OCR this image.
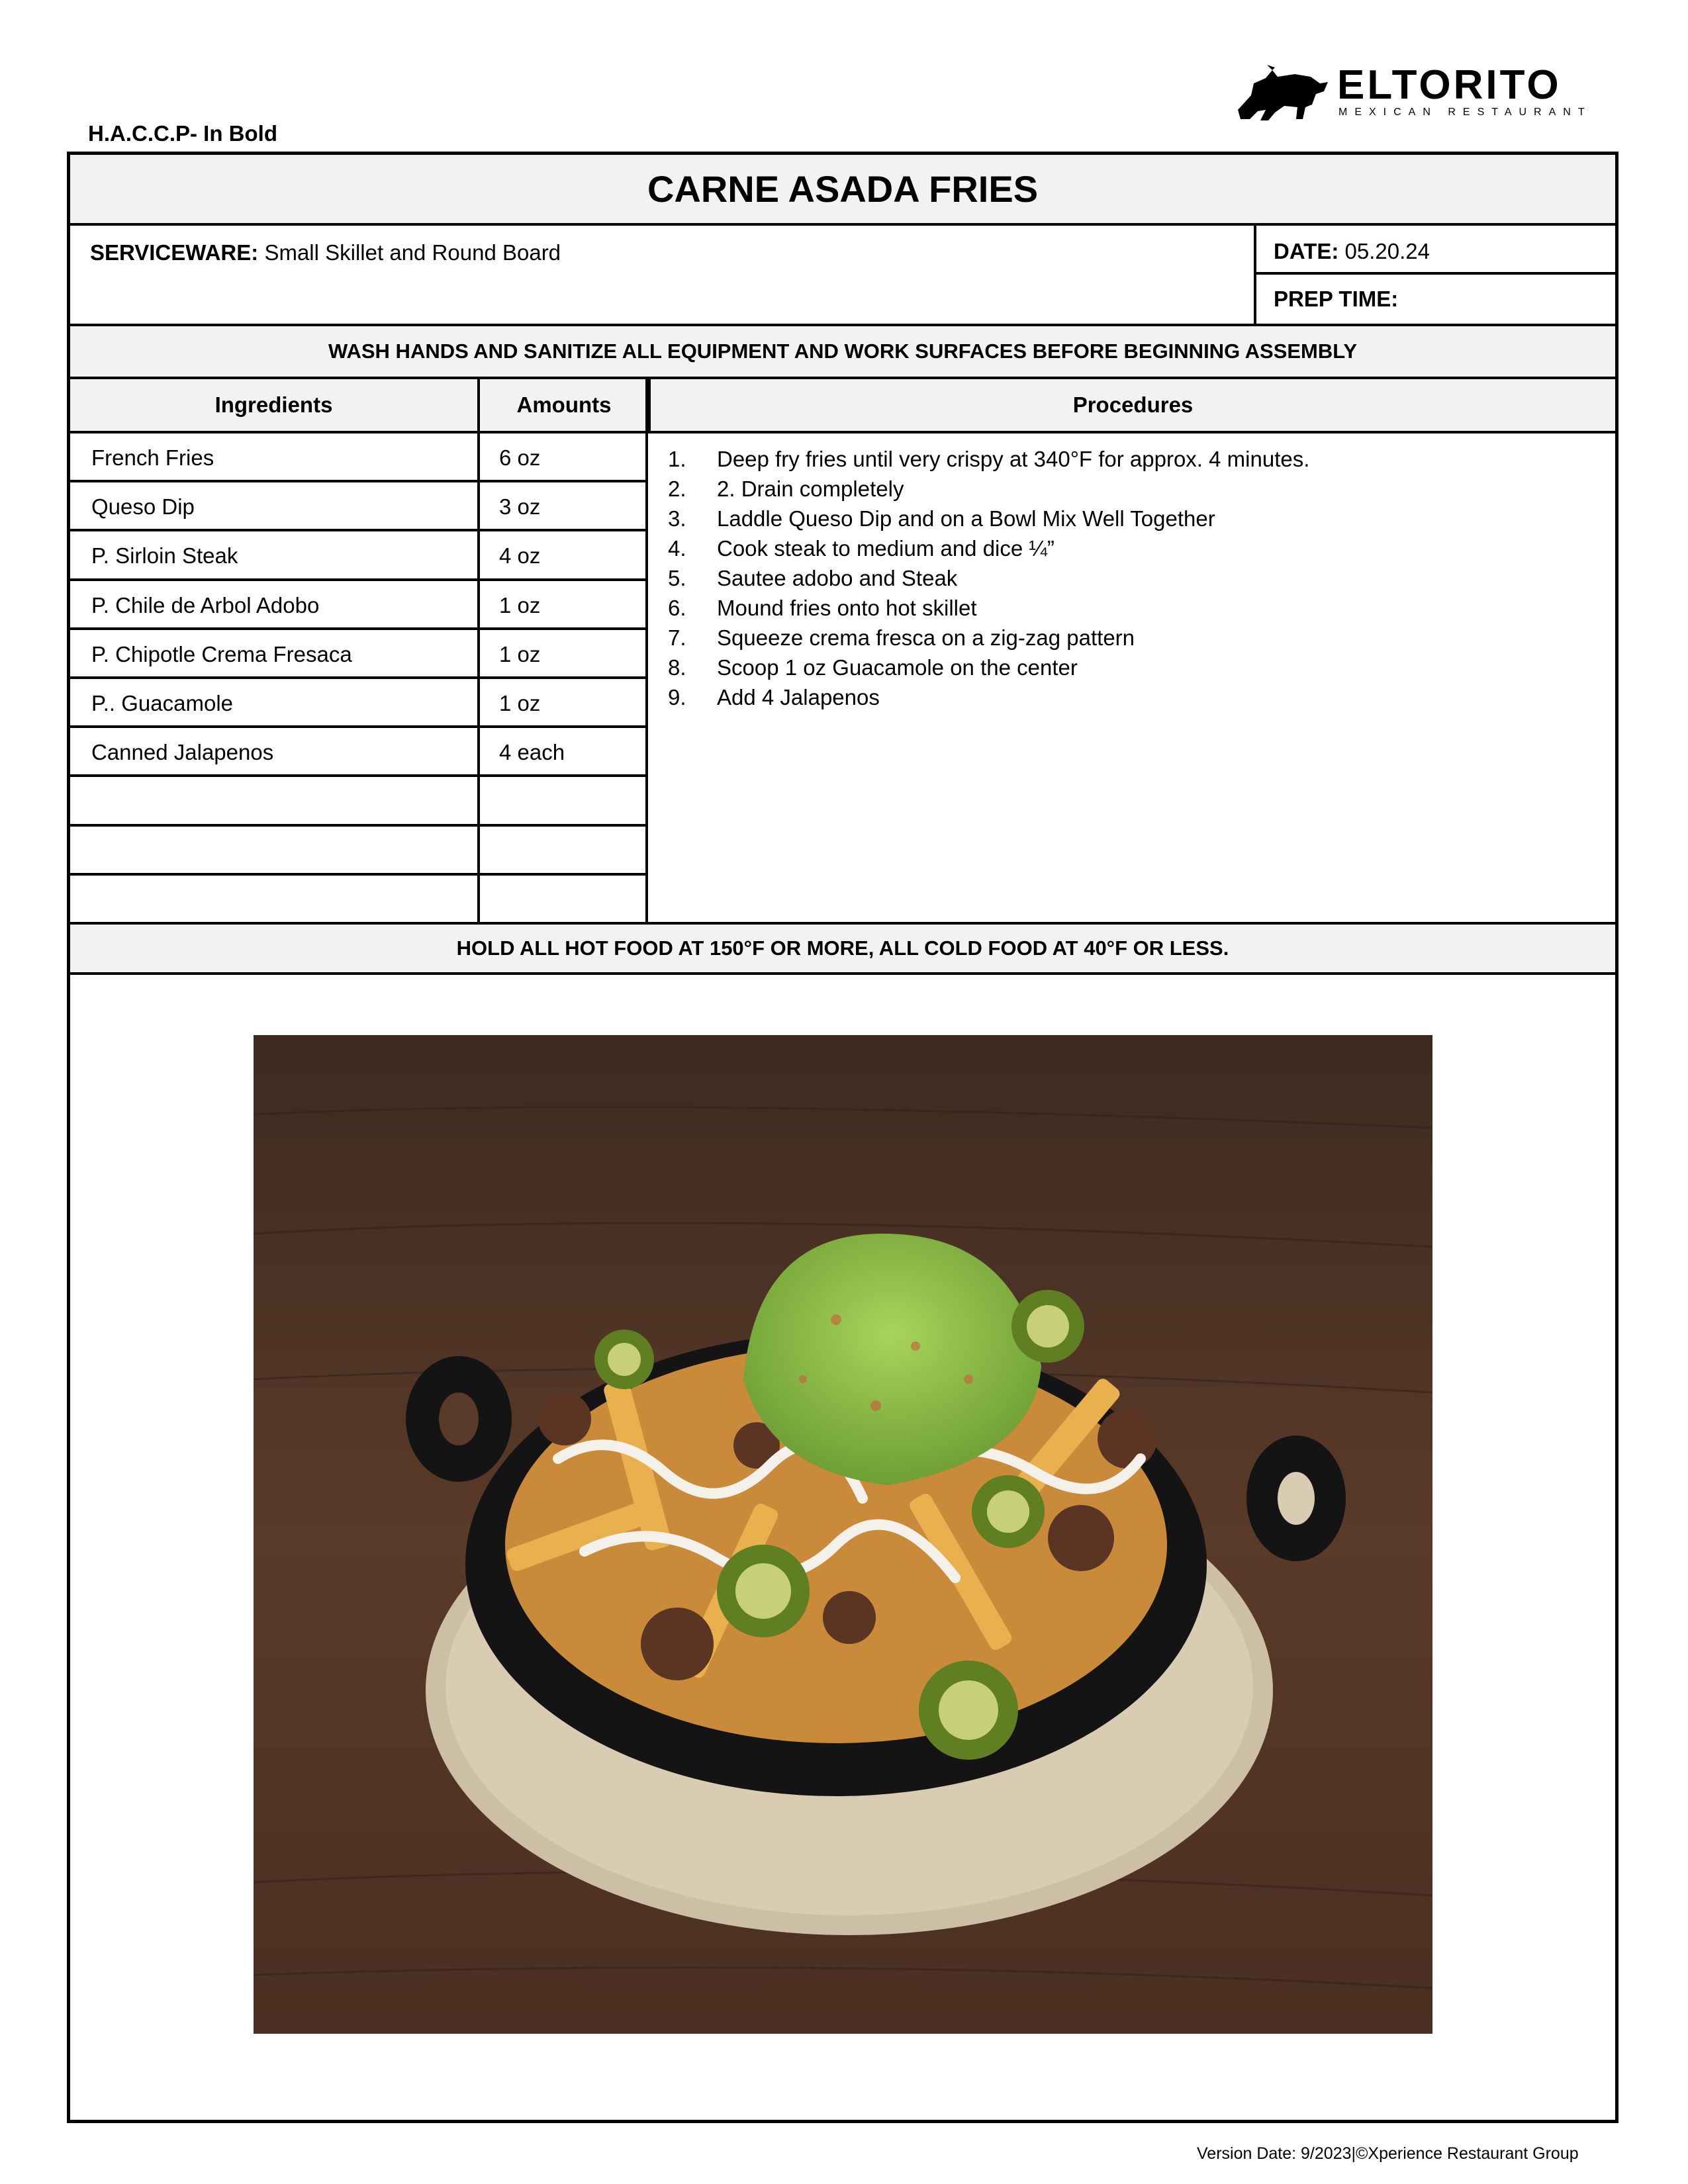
H.A.C.C.P- In Bold
ELTORITO
MEXICAN RESTAURANT
CARNE ASADA FRIES
SERVICEWARE: Small Skillet and Round Board	DATE: 05.20.24
PREP TIME:
WASH HANDS AND SANITIZE ALL EQUIPMENT AND WORK SURFACES BEFORE BEGINNING ASSEMBLY
Ingredients	Amounts	Procedures
French Fries	6 oz
Queso Dip	3 oz
P. Sirloin Steak	4 oz
P. Chile de Arbol Adobo	1 oz
P. Chipotle Crema Fresaca	1 oz
P.. Guacamole	1 oz
Canned Jalapenos	4 each
1. Deep fry fries until very crispy at 340°F for approx. 4 minutes.
2. 2. Drain completely
3. Laddle Queso Dip and on a Bowl Mix Well Together
4. Cook steak to medium and dice ¼”
5. Sautee adobo and Steak
6. Mound fries onto hot skillet
7. Squeeze crema fresca on a zig-zag pattern
8. Scoop 1 oz Guacamole on the center
9. Add 4 Jalapenos
HOLD ALL HOT FOOD AT 150°F OR MORE, ALL COLD FOOD AT 40°F OR LESS.
Version Date: 9/2023|©Xperience Restaurant Group
